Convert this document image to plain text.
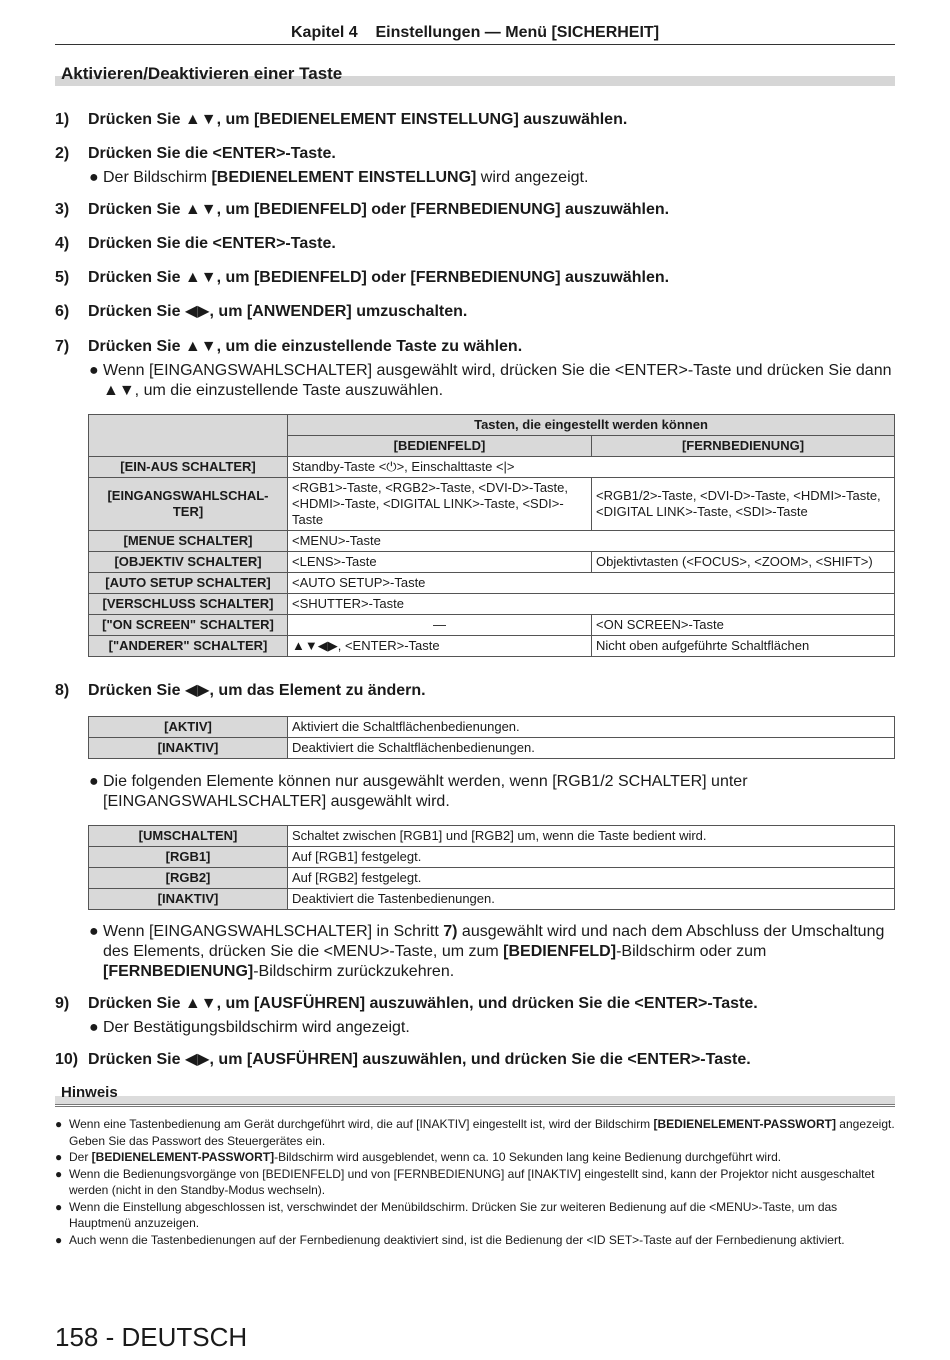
Kapitel 4    Einstellungen — Menü [SICHERHEIT]
Aktivieren/Deaktivieren einer Taste
1) Drücken Sie ▲▼, um [BEDIENELEMENT EINSTELLUNG] auszuwählen.
2) Drücken Sie die <ENTER>-Taste.
● Der Bildschirm [BEDIENELEMENT EINSTELLUNG] wird angezeigt.
3) Drücken Sie ▲▼, um [BEDIENFELD] oder [FERNBEDIENUNG] auszuwählen.
4) Drücken Sie die <ENTER>-Taste.
5) Drücken Sie ▲▼, um [BEDIENFELD] oder [FERNBEDIENUNG] auszuwählen.
6) Drücken Sie ◀▶, um [ANWENDER] umzuschalten.
7) Drücken Sie ▲▼, um die einzustellende Taste zu wählen.
● Wenn [EINGANGSWAHLSCHALTER] ausgewählt wird, drücken Sie die <ENTER>-Taste und drücken Sie dann ▲▼, um die einzustellende Taste auszuwählen.
	Tasten, die eingestellt werden können	
	[BEDIENFELD]	[FERNBEDIENUNG]
[EIN-AUS SCHALTER]	Standby-Taste <⏻>, Einschalttaste <|>	
[EINGANGSWAHLSCHAL-TER]	<RGB1>-Taste, <RGB2>-Taste, <DVI-D>-Taste, <HDMI>-Taste, <DIGITAL LINK>-Taste, <SDI>-Taste	<RGB1/2>-Taste, <DVI-D>-Taste, <HDMI>-Taste, <DIGITAL LINK>-Taste, <SDI>-Taste
[MENUE SCHALTER]	<MENU>-Taste	
[OBJEKTIV SCHALTER]	<LENS>-Taste	Objektivtasten (<FOCUS>, <ZOOM>, <SHIFT>)
[AUTO SETUP SCHALTER]	<AUTO SETUP>-Taste	
[VERSCHLUSS SCHALTER]	<SHUTTER>-Taste	
["ON SCREEN" SCHALTER]	—	<ON SCREEN>-Taste
["ANDERER" SCHALTER]	▲▼◀▶, <ENTER>-Taste	Nicht oben aufgeführte Schaltflächen
8) Drücken Sie ◀▶, um das Element zu ändern.
[AKTIV]	Aktiviert die Schaltflächenbedienungen.
[INAKTIV]	Deaktiviert die Schaltflächenbedienungen.
● Die folgenden Elemente können nur ausgewählt werden, wenn [RGB1/2 SCHALTER] unter [EINGANGSWAHLSCHALTER] ausgewählt wird.
[UMSCHALTEN]	Schaltet zwischen [RGB1] und [RGB2] um, wenn die Taste bedient wird.
[RGB1]	Auf [RGB1] festgelegt.
[RGB2]	Auf [RGB2] festgelegt.
[INAKTIV]	Deaktiviert die Tastenbedienungen.
● Wenn [EINGANGSWAHLSCHALTER] in Schritt 7) ausgewählt wird und nach dem Abschluss der Umschaltung des Elements, drücken Sie die <MENU>-Taste, um zum [BEDIENFELD]-Bildschirm oder zum [FERNBEDIENUNG]-Bildschirm zurückzukehren.
9) Drücken Sie ▲▼, um [AUSFÜHREN] auszuwählen, und drücken Sie die <ENTER>-Taste.
● Der Bestätigungsbildschirm wird angezeigt.
10) Drücken Sie ◀▶, um [AUSFÜHREN] auszuwählen, und drücken Sie die <ENTER>-Taste.
Hinweis
● Wenn eine Tastenbedienung am Gerät durchgeführt wird, die auf [INAKTIV] eingestellt ist, wird der Bildschirm [BEDIENELEMENT-PASSWORT] angezeigt.
Geben Sie das Passwort des Steuergerätes ein.
● Der [BEDIENELEMENT-PASSWORT]-Bildschirm wird ausgeblendet, wenn ca. 10 Sekunden lang keine Bedienung durchgeführt wird.
● Wenn die Bedienungsvorgänge von [BEDIENFELD] und von [FERNBEDIENUNG] auf [INAKTIV] eingestellt sind, kann der Projektor nicht ausgeschaltet werden (nicht in den Standby-Modus wechseln).
● Wenn die Einstellung abgeschlossen ist, verschwindet der Menübildschirm. Drücken Sie zur weiteren Bedienung auf die <MENU>-Taste, um das Hauptmenü anzuzeigen.
● Auch wenn die Tastenbedienungen auf der Fernbedienung deaktiviert sind, ist die Bedienung der <ID SET>-Taste auf der Fernbedienung aktiviert.
158 - DEUTSCH
